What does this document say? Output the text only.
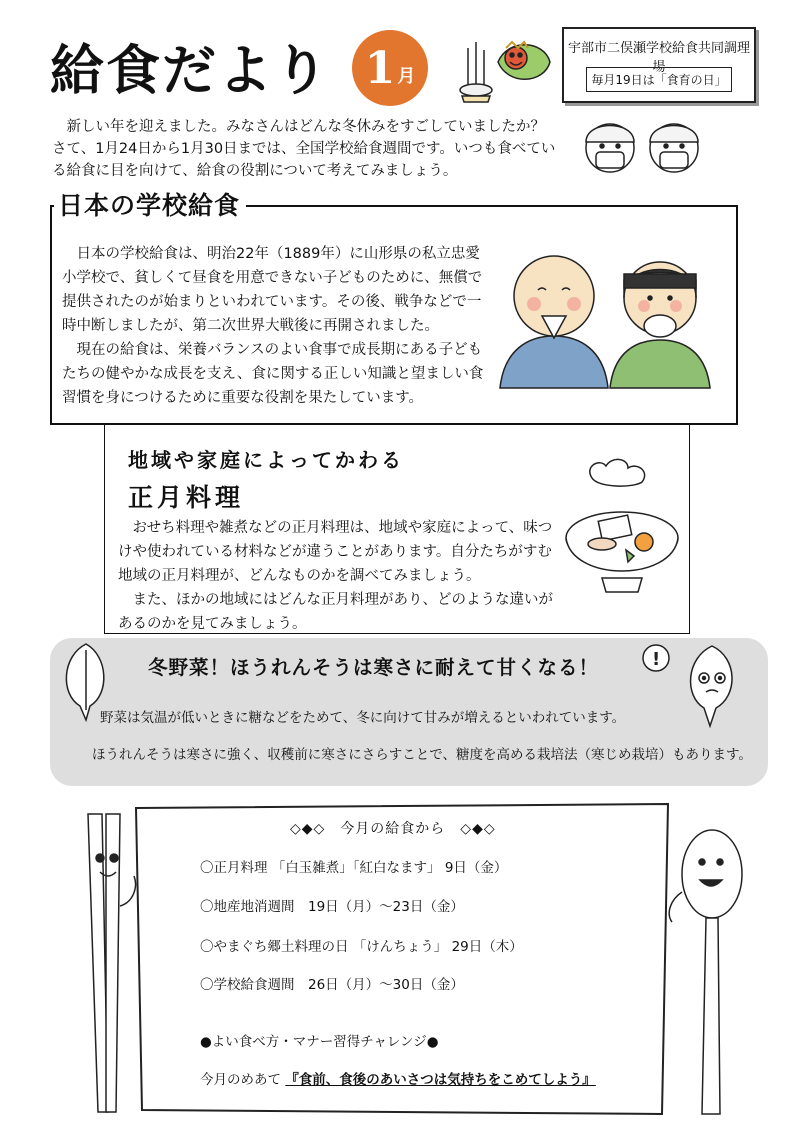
給食だより 1 月
宇部市二俣瀬学校給食共同調理場
毎月19日は「食育の日」

新しい年を迎えました。みなさんはどんな冬休みをすごしていましたか？さて、1月24日から1月30日までは、全国学校給食週間です。いつも食べている給食に目を向けて、給食の役割について考えてみましょう。

日本の学校給食

日本の学校給食は、明治22年（1889年）に山形県の私立忠愛小学校で、貧しくて昼食を用意できない子どものために、無償で提供されたのが始まりといわれています。その後、戦争などで一時中断しましたが、第二次世界大戦後に再開されました。

現在の給食は、栄養バランスのよい食事で成長期にある子どもたちの健やかな成長を支え、食に関する正しい知識と望ましい食習慣を身につけるために重要な役割を果たしています。

地域や家庭によってかわる
正月料理

おせち料理や雑煮などの正月料理は、地域や家庭によって、味つけや使われている材料などが違うことがあります。自分たちがすむ地域の正月料理が、どんなものかを調べてみましょう。

また、ほかの地域にはどんな正月料理があり、どのような違いがあるのかを見てみましょう。

冬野菜！ほうれんそうは寒さに耐えて甘くなる！
野菜は気温が低いときに糖などをためて、冬に向けて甘みが増えるといわれています。
ほうれんそうは寒さに強く、収穫前に寒さにさらすことで、糖度を高める栽培法（寒じめ栽培）もあります。
!
◇◆◇　今月の給食から　◇◆◇
〇正月料理 「白玉雑煮」「紅白なます」 9日（金）
〇地産地消週間　19日（月）～23日（金）
〇やまぐち郷土料理の日 「けんちょう」 29日（木）
〇学校給食週間　26日（月）～30日（金）
●よい食べ方・マナー習得チャレンジ●
今月のめあて 『食前、食後のあいさつは気持ちをこめてしよう』
